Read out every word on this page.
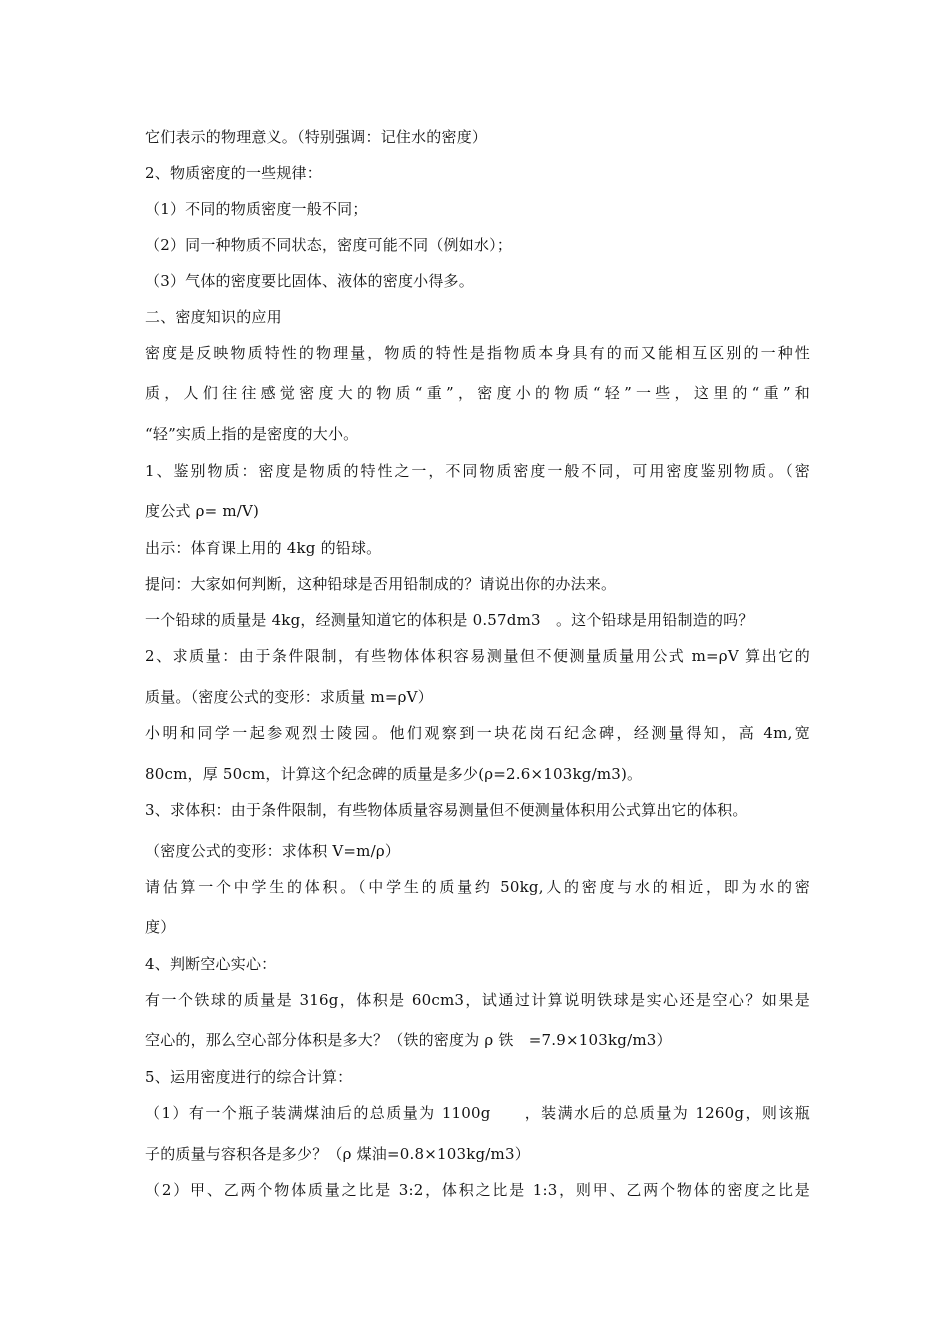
它们表示的物理意义。（特别强调：记住水的密度）
2、物质密度的一些规律：
（1）不同的物质密度一般不同；
（2）同一种物质不同状态，密度可能不同（例如水）；
（3）气体的密度要比固体、液体的密度小得多。
二、密度知识的应用
密度是反映物质特性的物理量，物质的特性是指物质本身具有的而又能相互区别的一种性
质，人们往往感觉密度大的物质“重”，密度小的物质“轻”一些，这里的“重”和
“轻”实质上指的是密度的大小。
1、鉴别物质：密度是物质的特性之一，不同物质密度一般不同，可用密度鉴别物质。（密
度公式 ρ= m/V)
出示：体育课上用的 4kg 的铅球。
提问：大家如何判断，这种铅球是否用铅制成的？请说出你的办法来。
一个铅球的质量是 4kg，经测量知道它的体积是 0.57dm3　。这个铅球是用铅制造的吗？
2、求质量：由于条件限制，有些物体体积容易测量但不便测量质量用公式 m=ρV 算出它的
质量。（密度公式的变形：求质量 m=ρV）
小明和同学一起参观烈士陵园。他们观察到一块花岗石纪念碑，经测量得知，高 4m,宽
80cm，厚 50cm，计算这个纪念碑的质量是多少(ρ=2.6×103kg/m3)。
3、求体积：由于条件限制，有些物体质量容易测量但不便测量体积用公式算出它的体积。
（密度公式的变形：求体积 V=m/ρ）
请估算一个中学生的体积。（中学生的质量约 50kg,人的密度与水的相近，即为水的密
度）
4、判断空心实心：
有一个铁球的质量是 316g，体积是 60cm3，试通过计算说明铁球是实心还是空心？如果是
空心的，那么空心部分体积是多大？（铁的密度为 ρ 铁　=7.9×103kg/m3）
5、运用密度进行的综合计算：
（1）有一个瓶子装满煤油后的总质量为 1100g　　，装满水后的总质量为 1260g，则该瓶
子的质量与容积各是多少？（ρ 煤油=0.8×103kg/m3）
（2）甲、乙两个物体质量之比是 3:2，体积之比是 1:3，则甲、乙两个物体的密度之比是
